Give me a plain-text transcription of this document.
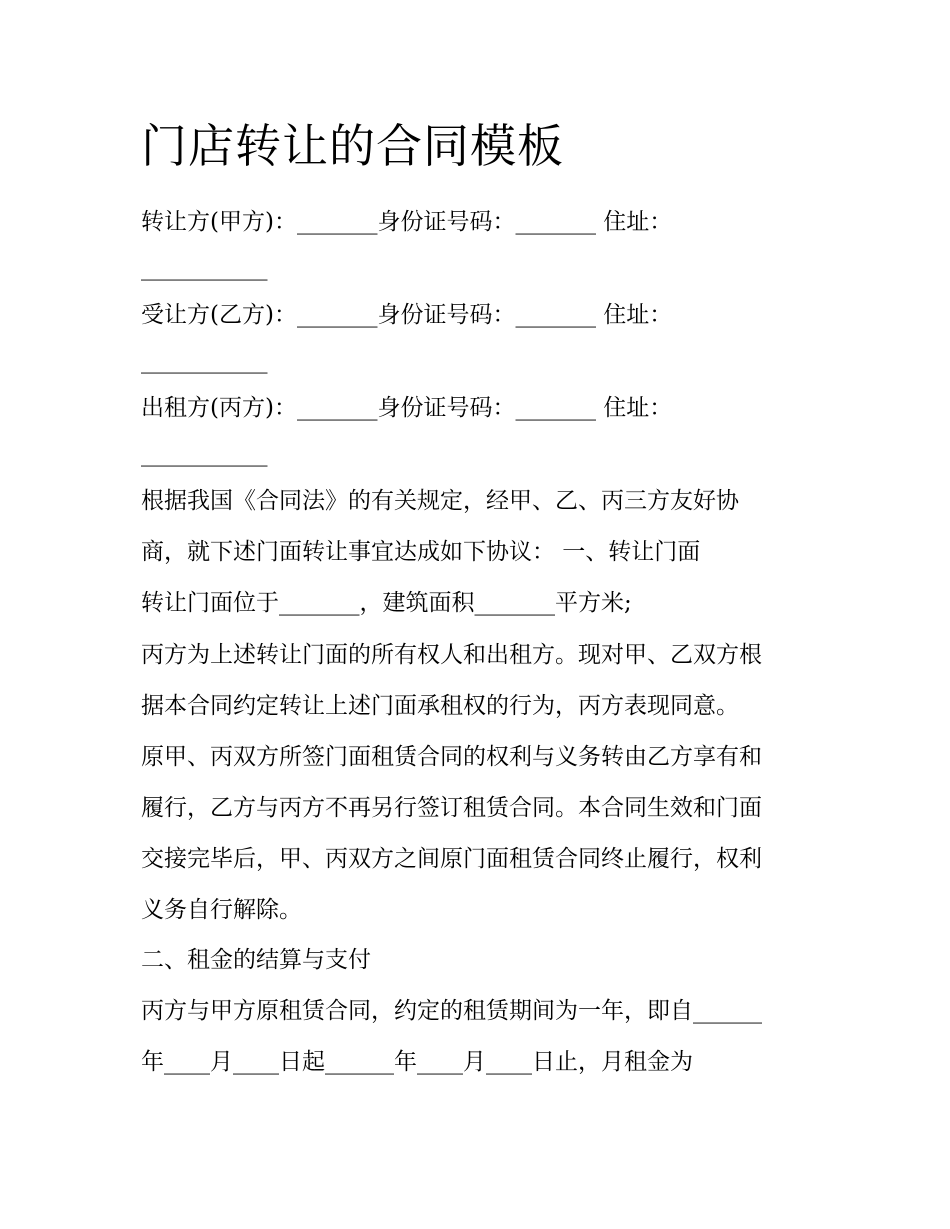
门店转让的合同模板
转让方(甲方)：_______身份证号码：_______ 住址：
___________
受让方(乙方)：_______身份证号码：_______ 住址：
___________
出租方(丙方)：_______身份证号码：_______ 住址：
___________
根据我国《合同法》的有关规定，经甲、乙、丙三方友好协
商，就下述门面转让事宜达成如下协议： 一、转让门面
转让门面位于_______，建筑面积_______平方米;
丙方为上述转让门面的所有权人和出租方。现对甲、乙双方根
据本合同约定转让上述门面承租权的行为，丙方表现同意。
原甲、丙双方所签门面租赁合同的权利与义务转由乙方享有和
履行，乙方与丙方不再另行签订租赁合同。本合同生效和门面
交接完毕后，甲、丙双方之间原门面租赁合同终止履行，权利
义务自行解除。
二、租金的结算与支付
丙方与甲方原租赁合同，约定的租赁期间为一年，即自______
年____月____日起______年____月____日止，月租金为
